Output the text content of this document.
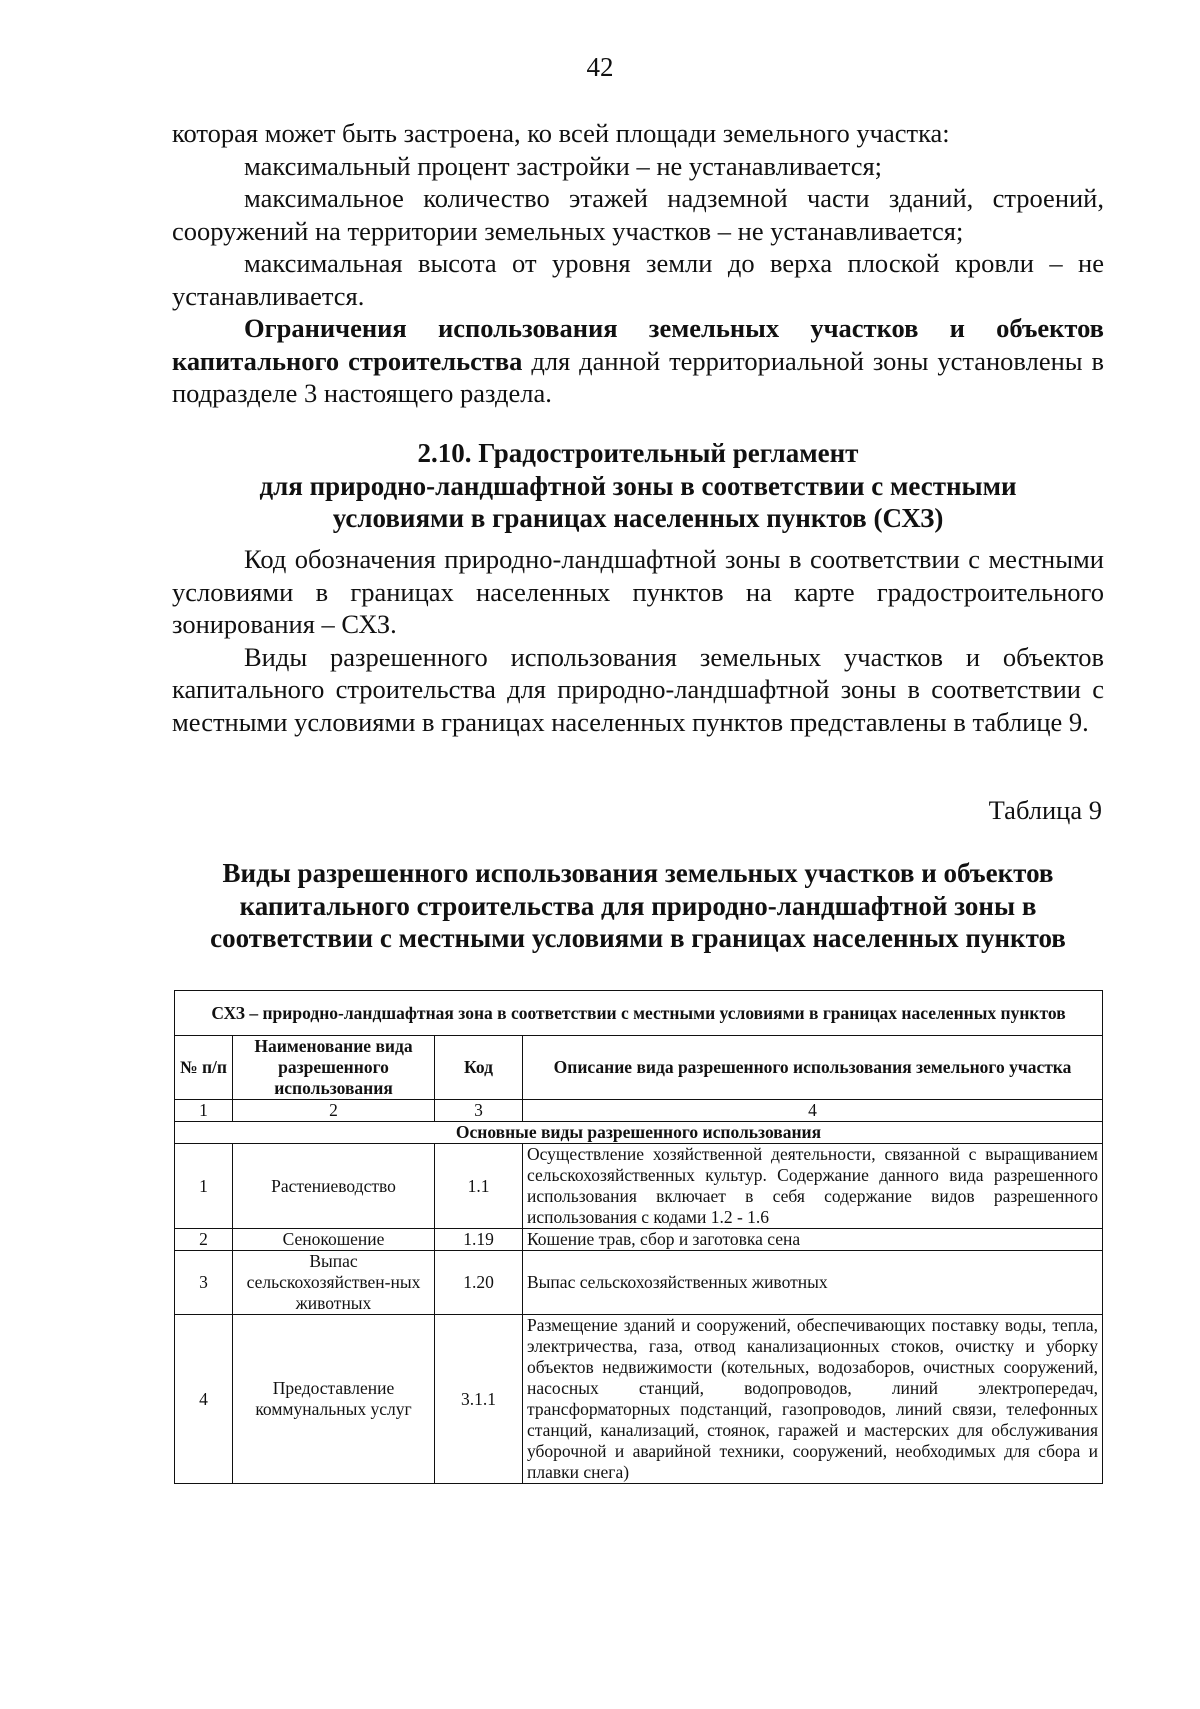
42

которая может быть застроена, ко всей площади земельного участка:

максимальный процент застройки – не устанавливается;

максимальное количество этажей надземной части зданий, строений, сооружений на территории земельных участков – не устанавливается;

максимальная высота от уровня земли до верха плоской кровли – не устанавливается.

Ограничения использования земельных участков и объектов капитального строительства для данной территориальной зоны установлены в подразделе 3 настоящего раздела.

2.10. Градостроительный регламент
для природно-ландшафтной зоны в соответствии с местными
условиями в границах населенных пунктов (СХЗ)

Код обозначения природно-ландшафтной зоны в соответствии с местными условиями в границах населенных пунктов на карте градостроительного зонирования – СХЗ.

Виды разрешенного использования земельных участков и объектов капитального строительства для природно-ландшафтной зоны в соответствии с местными условиями в границах населенных пунктов представлены в таблице 9.

Таблица 9
Виды разрешенного использования земельных участков и объектов
капитального строительства для природно-ландшафтной зоны в
соответствии с местными условиями в границах населенных пунктов
СХЗ – природно-ландшафтная зона в соответствии с местными условиями в границах населенных пунктов			
№ п/п	Наименование вида разрешенного использования	Код	Описание вида разрешенного использования земельного участка
1	2	3	4
Основные виды разрешенного использования			
1	Растениеводство	1.1	Осуществление хозяйственной деятельности, связанной с выращиванием сельскохозяйственных культур. Содержание данного вида разрешенного использования включает в себя содержание видов разрешенного использования с кодами 1.2 - 1.6
2	Сенокошение	1.19	Кошение трав, сбор и заготовка сена
3	Выпас сельскохозяйствен-ных животных	1.20	Выпас сельскохозяйственных животных
4	Предоставление коммунальных услуг	3.1.1	Размещение зданий и сооружений, обеспечивающих поставку воды, тепла, электричества, газа, отвод канализационных стоков, очистку и уборку объектов недвижимости (котельных, водозаборов, очистных сооружений, насосных станций, водопроводов, линий электропередач, трансформаторных подстанций, газопроводов, линий связи, телефонных станций, канализаций, стоянок, гаражей и мастерских для обслуживания уборочной и аварийной техники, сооружений, необходимых для сбора и плавки снега)
